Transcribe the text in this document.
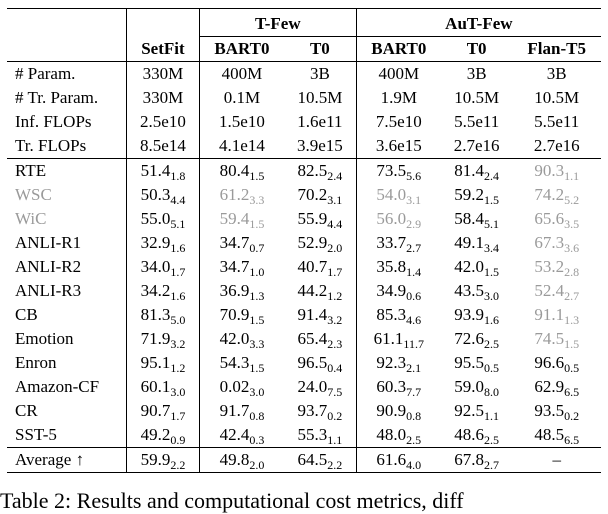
		T-Few		AuT-Few		
	SetFit	BART0	T0	BART0	T0	Flan-T5
# Param.	330M	400M	3B	400M	3B	3B
# Tr. Param.	330M	0.1M	10.5M	1.9M	10.5M	10.5M
Inf. FLOPs	2.5e10	1.5e10	1.6e11	7.5e10	5.5e11	5.5e11
Tr. FLOPs	8.5e14	4.1e14	3.9e15	3.6e15	2.7e16	2.7e16
RTE	$51.4_{1.8}$	$80.4_{1.5}$	$82.5_{2.4}$	$73.5_{5.6}$	$81.4_{2.4}$	$90.3_{1.1}$
WSC	$50.3_{4.4}$	$61.2_{3.3}$	$70.2_{3.1}$	$54.0_{3.1}$	$59.2_{1.5}$	$74.2_{5.2}$
WiC	$55.0_{5.1}$	$59.4_{1.5}$	$55.9_{4.4}$	$56.0_{2.9}$	$58.4_{5.1}$	$65.6_{3.5}$
ANLI-R1	$32.9_{1.6}$	$34.7_{0.7}$	$52.9_{2.0}$	$33.7_{2.7}$	$49.1_{3.4}$	$67.3_{3.6}$
ANLI-R2	$34.0_{1.7}$	$34.7_{1.0}$	$40.7_{1.7}$	$35.8_{1.4}$	$42.0_{1.5}$	$53.2_{2.8}$
ANLI-R3	$34.2_{1.6}$	$36.9_{1.3}$	$44.2_{1.2}$	$34.9_{0.6}$	$43.5_{3.0}$	$52.4_{2.7}$
CB	$81.3_{5.0}$	$70.9_{1.5}$	$91.4_{3.2}$	$85.3_{4.6}$	$93.9_{1.6}$	$91.1_{1.3}$
Emotion	$71.9_{3.2}$	$42.0_{3.3}$	$65.4_{2.3}$	$61.1_{11.7}$	$72.6_{2.5}$	$74.5_{1.5}$
Enron	$95.1_{1.2}$	$54.3_{1.5}$	$96.5_{0.4}$	$92.3_{2.1}$	$95.5_{0.5}$	$96.6_{0.5}$
Amazon-CF	$60.1_{3.0}$	$0.02_{3.0}$	$24.0_{7.5}$	$60.3_{7.7}$	$59.0_{8.0}$	$62.9_{6.5}$
CR	$90.7_{1.7}$	$91.7_{0.8}$	$93.7_{0.2}$	$90.9_{0.8}$	$92.5_{1.1}$	$93.5_{0.2}$
SST-5	$49.2_{0.9}$	$42.4_{0.3}$	$55.3_{1.1}$	$48.0_{2.5}$	$48.6_{2.5}$	$48.5_{6.5}$
Average ↑	$59.9_{2.2}$	$49.8_{2.0}$	$64.5_{2.2}$	$61.6_{4.0}$	$67.8_{2.7}$	–
Table 2: Results and computational cost metrics, diff
